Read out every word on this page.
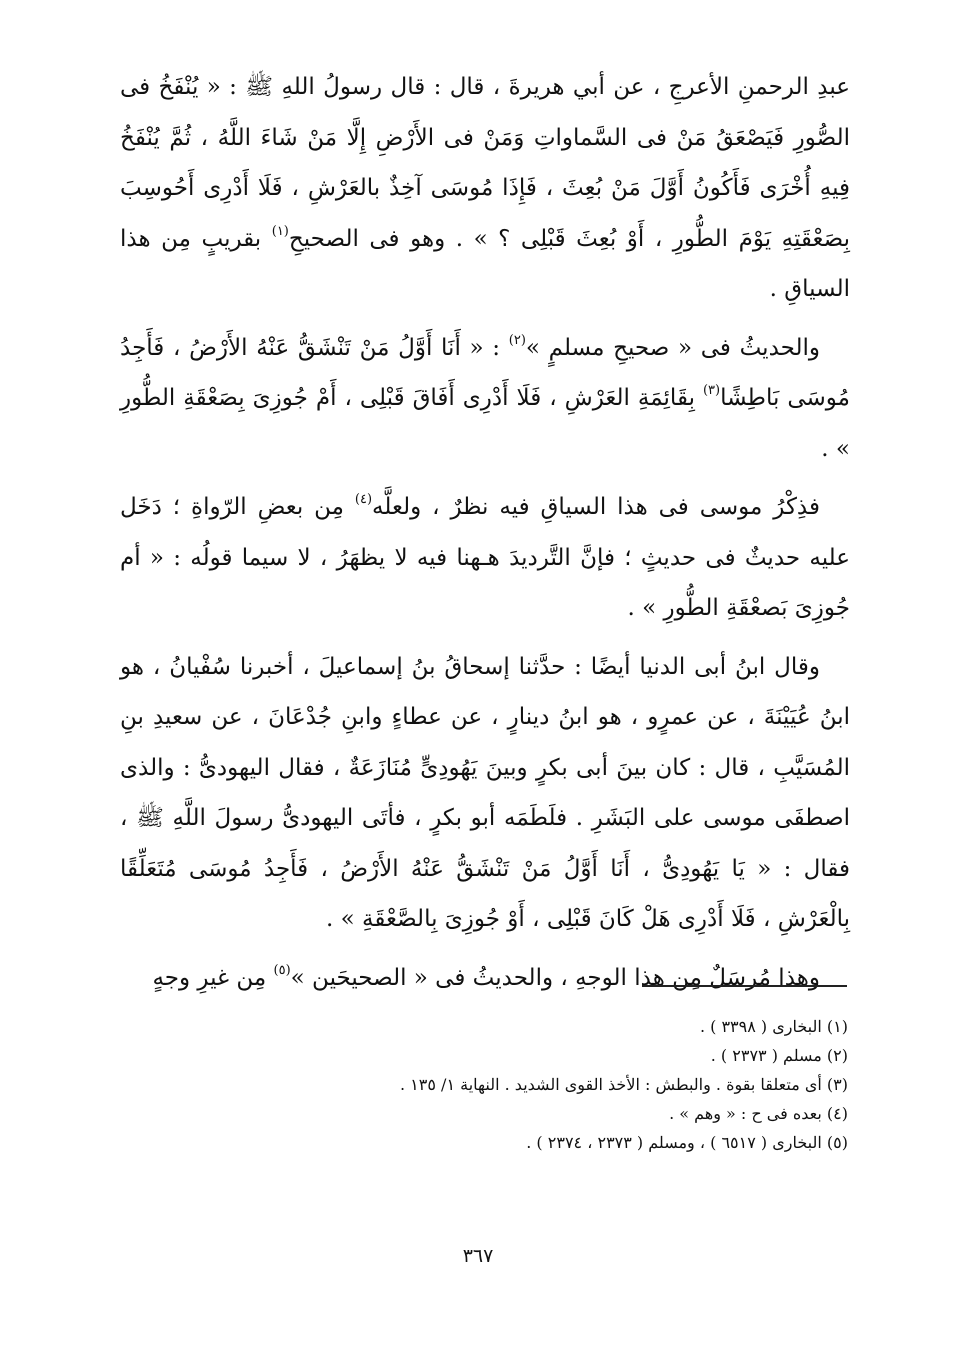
عبدِ الرحمنِ الأعرجِ ، عن أبي هريرةَ ، قال : قال رسولُ اللهِ ﷺ : « يُنْفَخُ فى الصُّورِ فَيَصْعَقُ مَنْ فى السَّماواتِ وَمَنْ فى الأَرْضِ إِلَّا مَنْ شَاءَ اللَّهُ ، ثُمَّ يُنْفَخُ فِيهِ أُخْرَى فَأَكُونُ أَوَّلَ مَنْ بُعِثَ ، فَإِذَا مُوسَى آخِذٌ بالعَرْشِ ، فَلَا أَدْرِى أَحُوسِبَ بِصَعْقَتِهِ يَوْمَ الطُّورِ ، أَوْ بُعِثَ قَبْلِى ؟ » . وهو فى الصحيحِ$^{(١)}$ بقريبٍ مِن هذا السياقِ .

والحديثُ فى « صحيحِ مسلمٍ »$^{(٢)}$ : « أَنَا أَوَّلُ مَنْ تَنْشَقُّ عَنْهُ الأَرْضُ ، فَأَجِدُ مُوسَى بَاطِشًا$^{(٣)}$ بِقَائِمَةِ العَرْشِ ، فَلَا أَدْرِى أَفَاقَ قَبْلِى ، أَمْ جُوزِىَ بِصَعْقَةِ الطُّورِ » .

فذِكْرُ موسى فى هذا السياقِ فيه نظرٌ ، ولعلَّه$^{(٤)}$ مِن بعضِ الرّواةِ ؛ دَخَل عليه حديثٌ فى حديثٍ ؛ فإنَّ التَّرديدَ هـهنا فيه لا يظهَرُ ، لا سيما قولُه : « أم جُوزِىَ بَصعْقَةِ الطُّورِ » .

وقال ابنُ أبى الدنيا أيضًا : حدَّثنا إسحاقُ بنُ إسماعيلَ ، أخبرنا سُفْيانُ ، هو ابنُ عُيَيْنَةَ ، عن عمرٍو ، هو ابنُ دينارٍ ، عن عطاءٍ وابنِ جُدْعَانَ ، عن سعيدِ بنِ المُسَيَّبِ ، قال : كان بينَ أبى بكرٍ وبينَ يَهُودِىٍّ مُنَازَعَةٌ ، فقال اليهودىُّ : والذى اصطفَى موسى على البَشَرِ . فلَطَمَه أبو بكرٍ ، فأتَى اليهودىُّ رسولَ اللَّهِ ﷺ ، فقال : « يَا يَهُودِىُّ ، أَنَا أَوَّلُ مَنْ تَنْشَقُّ عَنْهُ الأَرْضُ ، فَأَجِدُ مُوسَى مُتَعَلِّقًا بِالْعَرْشِ ، فَلَا أَدْرِى هَلْ كَانَ قَبْلِى ، أَوْ جُوزِىَ بِالصَّعْقَةِ » .

وهذا مُرسَلٌ مِن هذا الوجهِ ، والحديثُ فى « الصحيحَين »$^{(٥)}$ مِن غيرِ وجهٍ

(١) البخارى ( ٣٣٩٨ ) .

(٢) مسلم ( ٢٣٧٣ ) .

(٣) أى متعلقا بقوة . والبطش : الأخذ القوى الشديد . النهاية ١/ ١٣٥ .

(٤) بعده فى ح : « وهم » .

(٥) البخارى ( ٦٥١٧ ) ، ومسلم ( ٢٣٧٣ ، ٢٣٧٤ ) .

٣٦٧
